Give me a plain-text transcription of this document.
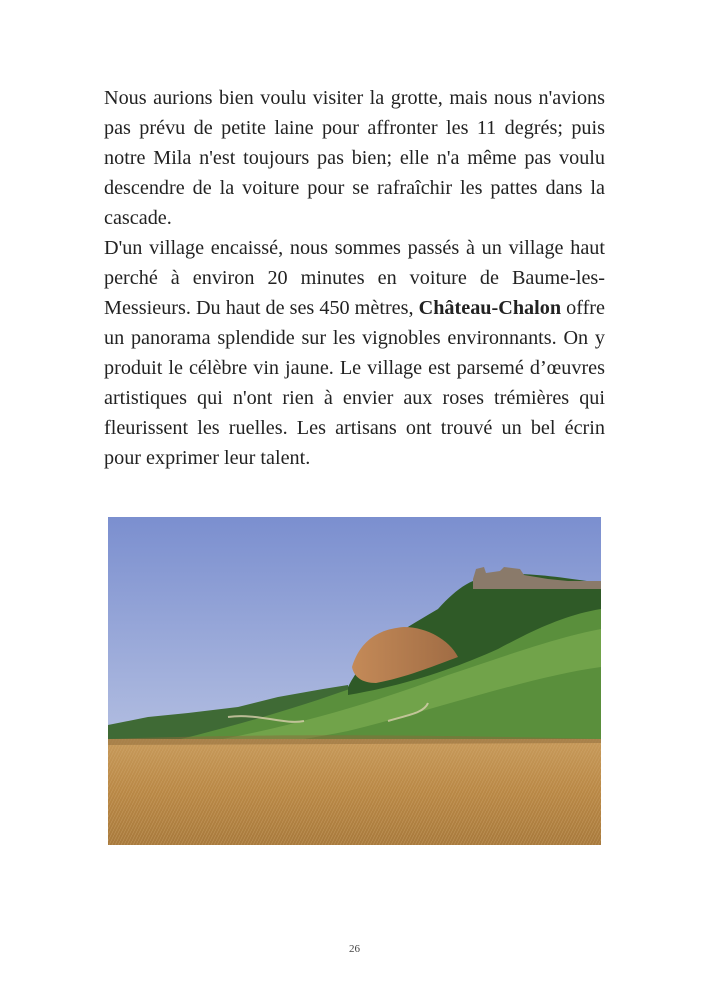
Nous aurions bien voulu visiter la grotte, mais nous n'avions pas prévu de petite laine pour affronter les 11 degrés; puis notre Mila n'est toujours pas bien; elle n'a même pas voulu descendre de la voiture pour se rafraîchir les pattes dans la cascade.

D'un village encaissé, nous sommes passés à un village haut perché à environ 20 minutes en voiture de Baume-les-Messieurs. Du haut de ses 450 mètres, Château-Chalon offre un panorama splendide sur les vignobles environnants. On y produit le célèbre vin jaune. Le village est parsemé d’œuvres artistiques qui n'ont rien à envier aux roses trémières qui fleurissent les ruelles. Les artisans ont trouvé un bel écrin pour exprimer leur talent.

26
